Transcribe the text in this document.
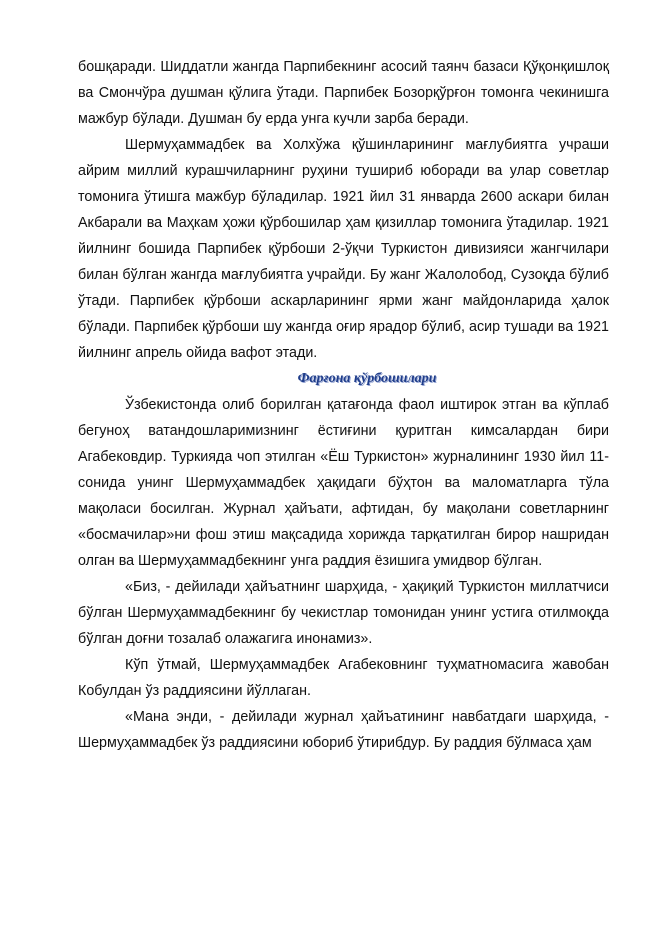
бошқаради. Шиддатли жангда Парпибекнинг асосий таянч базаси Қўқонқишлоқ ва Смончўра душман қўлига ўтади. Парпибек Бозорқўрғон томонга чекинишга мажбур бўлади. Душман бу ерда унга кучли зарба беради.

Шермуҳаммадбек ва Холхўжа қўшинларининг мағлубиятга учраши айрим миллий курашчиларнинг руҳини тушириб юборади ва улар советлар томонига ўтишга мажбур бўладилар. 1921 йил 31 январда 2600 аскари билан Акбарали ва Маҳкам ҳожи қўрбошилар ҳам қизиллар томонига ўтадилар. 1921 йилнинг бошида Парпибек қўрбоши 2-ўқчи Туркистон дивизияси жангчилари билан бўлган жангда мағлубиятга учрайди. Бу жанг Жалолобод, Сузоқда бўлиб ўтади. Парпибек қўрбоши аскарларининг ярми жанг майдонларида ҳалок бўлади. Парпибек қўрбоши шу жангда оғир ярадор бўлиб, асир тушади ва 1921 йилнинг апрель ойида вафот этади.

Фарғона қўрбошилари

Ўзбекистонда олиб борилган қатағонда фаол иштирок этган ва кўплаб бегуноҳ ватандошларимизнинг ёстиғини қуритган кимсалардан бири Агабековдир. Туркияда чоп этилган «Ёш Туркистон» журналининг 1930 йил 11-сонида унинг Шермуҳаммадбек ҳақидаги бўҳтон ва маломатларга тўла мақоласи босилган. Журнал ҳайъати, афтидан, бу мақолани советларнинг «босмачилар»ни фош этиш мақсадида хорижда тарқатилган бирор нашридан олган ва Шермуҳаммадбекнинг унга раддия ёзишига умидвор бўлган.

«Биз, - дейилади ҳайъатнинг шарҳида, - ҳақиқий Туркистон миллатчиси бўлган Шермуҳаммадбекнинг бу чекистлар томонидан унинг устига отилмоқда бўлган доғни тозалаб олажагига инонамиз».

Кўп ўтмай, Шермуҳаммадбек Агабековнинг туҳматномасига жавобан Кобулдан ўз раддиясини йўллаган.

«Мана энди, - дейилади журнал ҳайъатининг навбатдаги шарҳида, - Шермуҳаммадбек ўз раддиясини юбориб ўтирибдур. Бу раддия бўлмаса ҳам
